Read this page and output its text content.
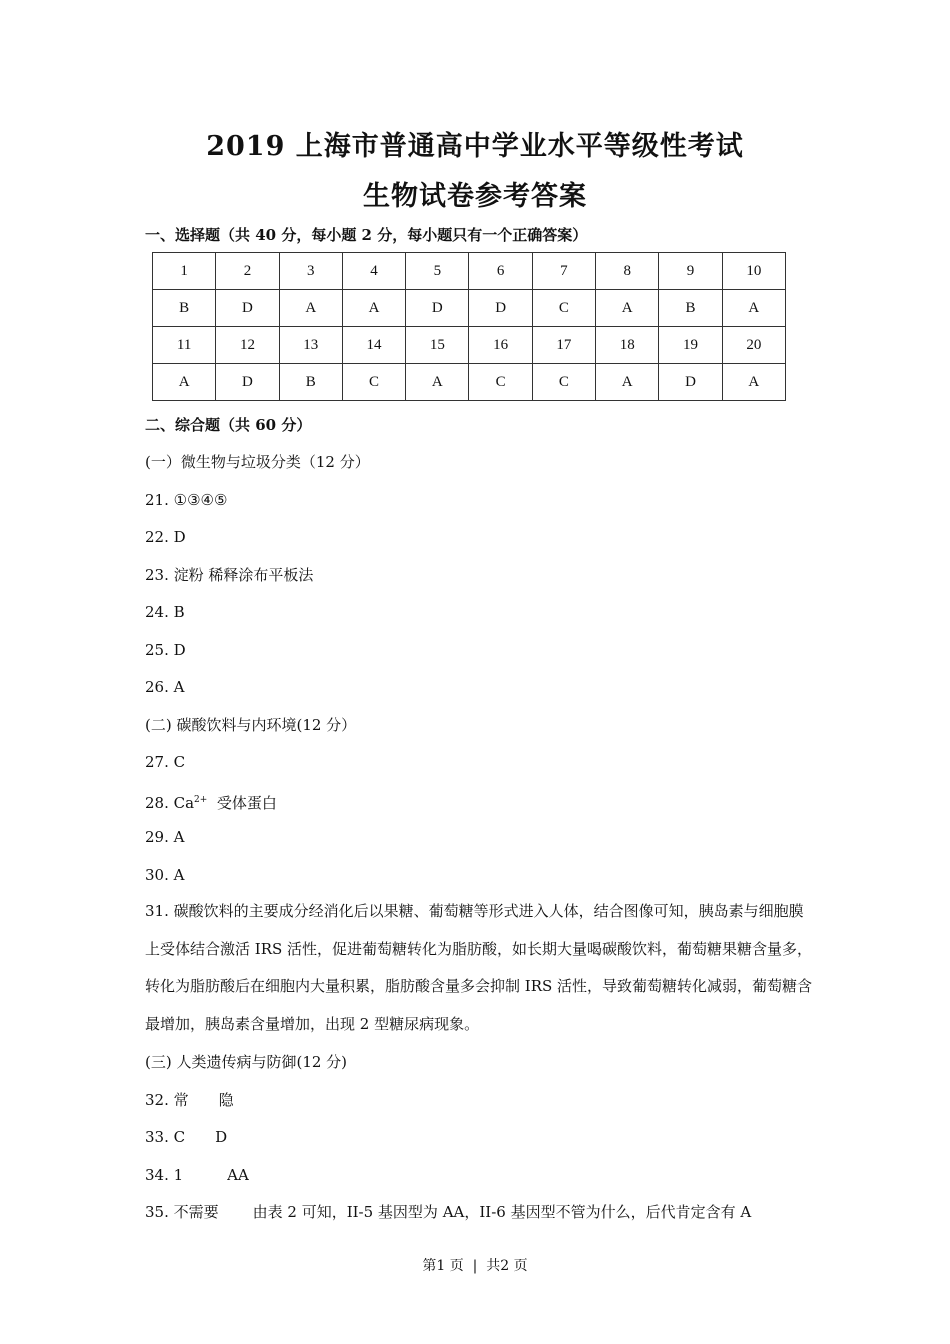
2019 上海市普通高中学业水平等级性考试
生物试卷参考答案
一、选择题（共 40 分，每小题 2 分，每小题只有一个正确答案）
1	2	3	4	5	6	7	8	9	10
B	D	A	A	D	D	C	A	B	A
11	12	13	14	15	16	17	18	19	20
A	D	B	C	A	C	C	A	D	A
二、综合题（共 60 分）
(一）微生物与垃圾分类（12 分）
21. ①③④⑤
22. D
23. 淀粉 稀释涂布平板法
24. B
25. D
26. A
(二) 碳酸饮料与内环境(12 分）
27. C
28. $Ca^{2+}$  受体蛋白
29. A
30. A
31. 碳酸饮料的主要成分经消化后以果糖、葡萄糖等形式进入人体，结合图像可知，胰岛素与细胞膜上受体结合激活 IRS 活性，促进葡萄糖转化为脂肪酸，如长期大量喝碳酸饮料，葡萄糖果糖含量多，转化为脂肪酸后在细胞内大量积累，脂肪酸含量多会抑制 IRS 活性，导致葡萄糖转化减弱，葡萄糖含最增加，胰岛素含量增加，出现 2 型糖尿病现象。
(三) 人类遗传病与防御(12 分)
32. 常 隐
33. C D
34. 1	AA
35. 不需要 由表 2 可知，II-5 基因型为 AA，II-6 基因型不管为什么，后代肯定含有 A
第1 页  |  共2 页
